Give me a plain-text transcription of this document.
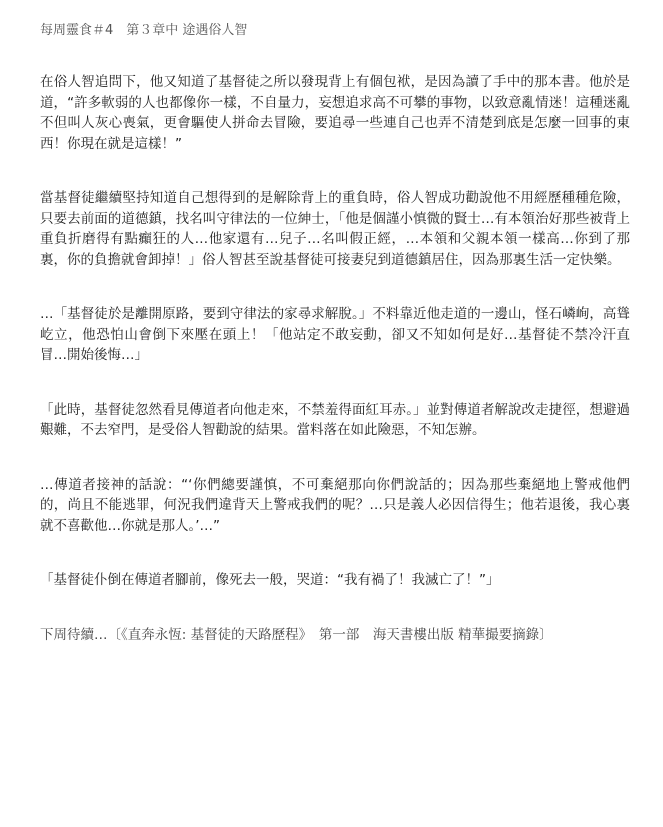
每周靈食＃4　第３章中 途遇俗人智

在俗人智追問下，他又知道了基督徒之所以發現背上有個包袱，是因為讀了手中的那本書。他於是道，“許多軟弱的人也都像你一樣，不自量力，妄想追求高不可攀的事物，以致意亂情迷！這種迷亂不但叫人灰心喪氣，更會驅使人拼命去冒險，要追尋一些連自己也弄不清楚到底是怎麼一回事的東西！你現在就是這樣！”

當基督徒繼續堅持知道自己想得到的是解除背上的重負時，俗人智成功勸說他不用經歷種種危險，只要去前面的道德鎮，找名叫守律法的一位紳士，「他是個謹小慎微的賢士…有本領治好那些被背上重負折磨得有點癲狂的人…他家還有…兒子…名叫假正經，…本領和父親本領一樣高…你到了那裏，你的負擔就會卸掉！」俗人智甚至說基督徒可接妻兒到道德鎮居住，因為那裏生活一定快樂。

…「基督徒於是離開原路，要到守律法的家尋求解脫。」不料靠近他走道的一邊山，怪石嶙峋，高聳屹立，他恐怕山會倒下來壓在頭上！「他站定不敢妄動，卻又不知如何是好…基督徒不禁冷汗直冒…開始後悔…」

「此時，基督徒忽然看見傳道者向他走來，不禁羞得面紅耳赤。」並對傳道者解說改走捷徑，想避過艱難，不去窄門，是受俗人智勸說的結果。當料落在如此險惡，不知怎辦。

…傳道者接神的話說：“‘你們總要謹慎，不可棄絕那向你們說話的；因為那些棄絕地上警戒他們的，尚且不能逃罪，何況我們違背天上警戒我們的呢？…只是義人必因信得生；他若退後，我心裏就不喜歡他…你就是那人。’…”

「基督徒仆倒在傳道者腳前，像死去一般，哭道：“我有禍了！我滅亡了！”」

下周待續…〔《直奔永恆: 基督徒的天路歷程》　第一部　海天書樓出版 精華撮要摘錄〕
